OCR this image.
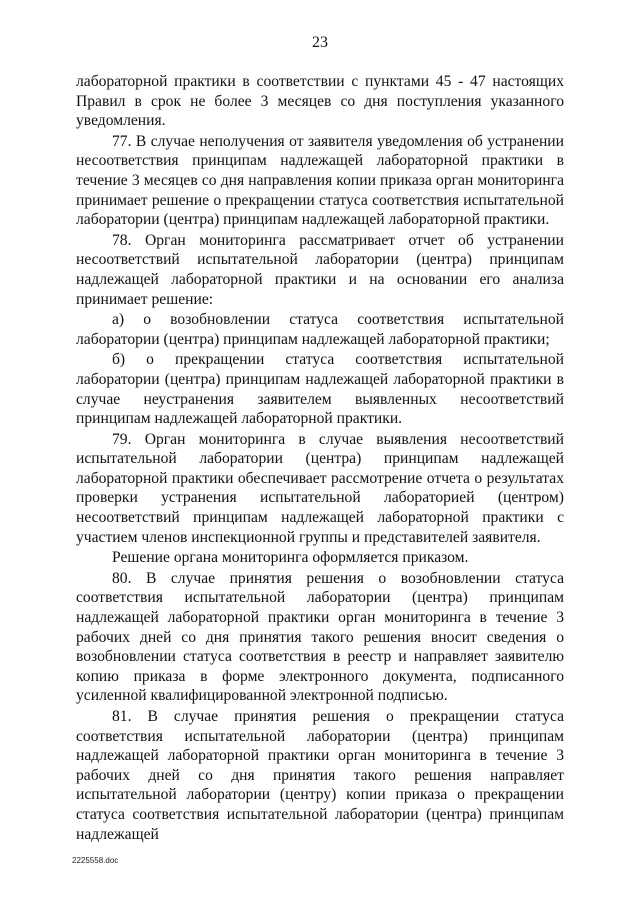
23

лабораторной практики в соответствии с пунктами 45 - 47 настоящих Правил в срок не более 3 месяцев со дня поступления указанного уведомления.

77. В случае неполучения от заявителя уведомления об устранении несоответствия принципам надлежащей лабораторной практики в течение 3 месяцев со дня направления копии приказа орган мониторинга принимает решение о прекращении статуса соответствия испытательной лаборатории (центра) принципам надлежащей лабораторной практики.

78. Орган мониторинга рассматривает отчет об устранении несоответствий испытательной лаборатории (центра) принципам надлежащей лабораторной практики и на основании его анализа принимает решение:

а) о возобновлении статуса соответствия испытательной лаборатории (центра) принципам надлежащей лабораторной практики;

б) о прекращении статуса соответствия испытательной лаборатории (центра) принципам надлежащей лабораторной практики в случае неустранения заявителем выявленных несоответствий принципам надлежащей лабораторной практики.

79. Орган мониторинга в случае выявления несоответствий испытательной лаборатории (центра) принципам надлежащей лабораторной практики обеспечивает рассмотрение отчета о результатах проверки устранения испытательной лабораторией (центром) несоответствий принципам надлежащей лабораторной практики с участием членов инспекционной группы и представителей заявителя.

Решение органа мониторинга оформляется приказом.

80. В случае принятия решения о возобновлении статуса соответствия испытательной лаборатории (центра) принципам надлежащей лабораторной практики орган мониторинга в течение 3 рабочих дней со дня принятия такого решения вносит сведения о возобновлении статуса соответствия в реестр и направляет заявителю копию приказа в форме электронного документа, подписанного усиленной квалифицированной электронной подписью.

81. В случае принятия решения о прекращении статуса соответствия испытательной лаборатории (центра) принципам надлежащей лабораторной практики орган мониторинга в течение 3 рабочих дней со дня принятия такого решения направляет испытательной лаборатории (центру) копии приказа о прекращении статуса соответствия испытательной лаборатории (центра) принципам надлежащей

2225558.doc
